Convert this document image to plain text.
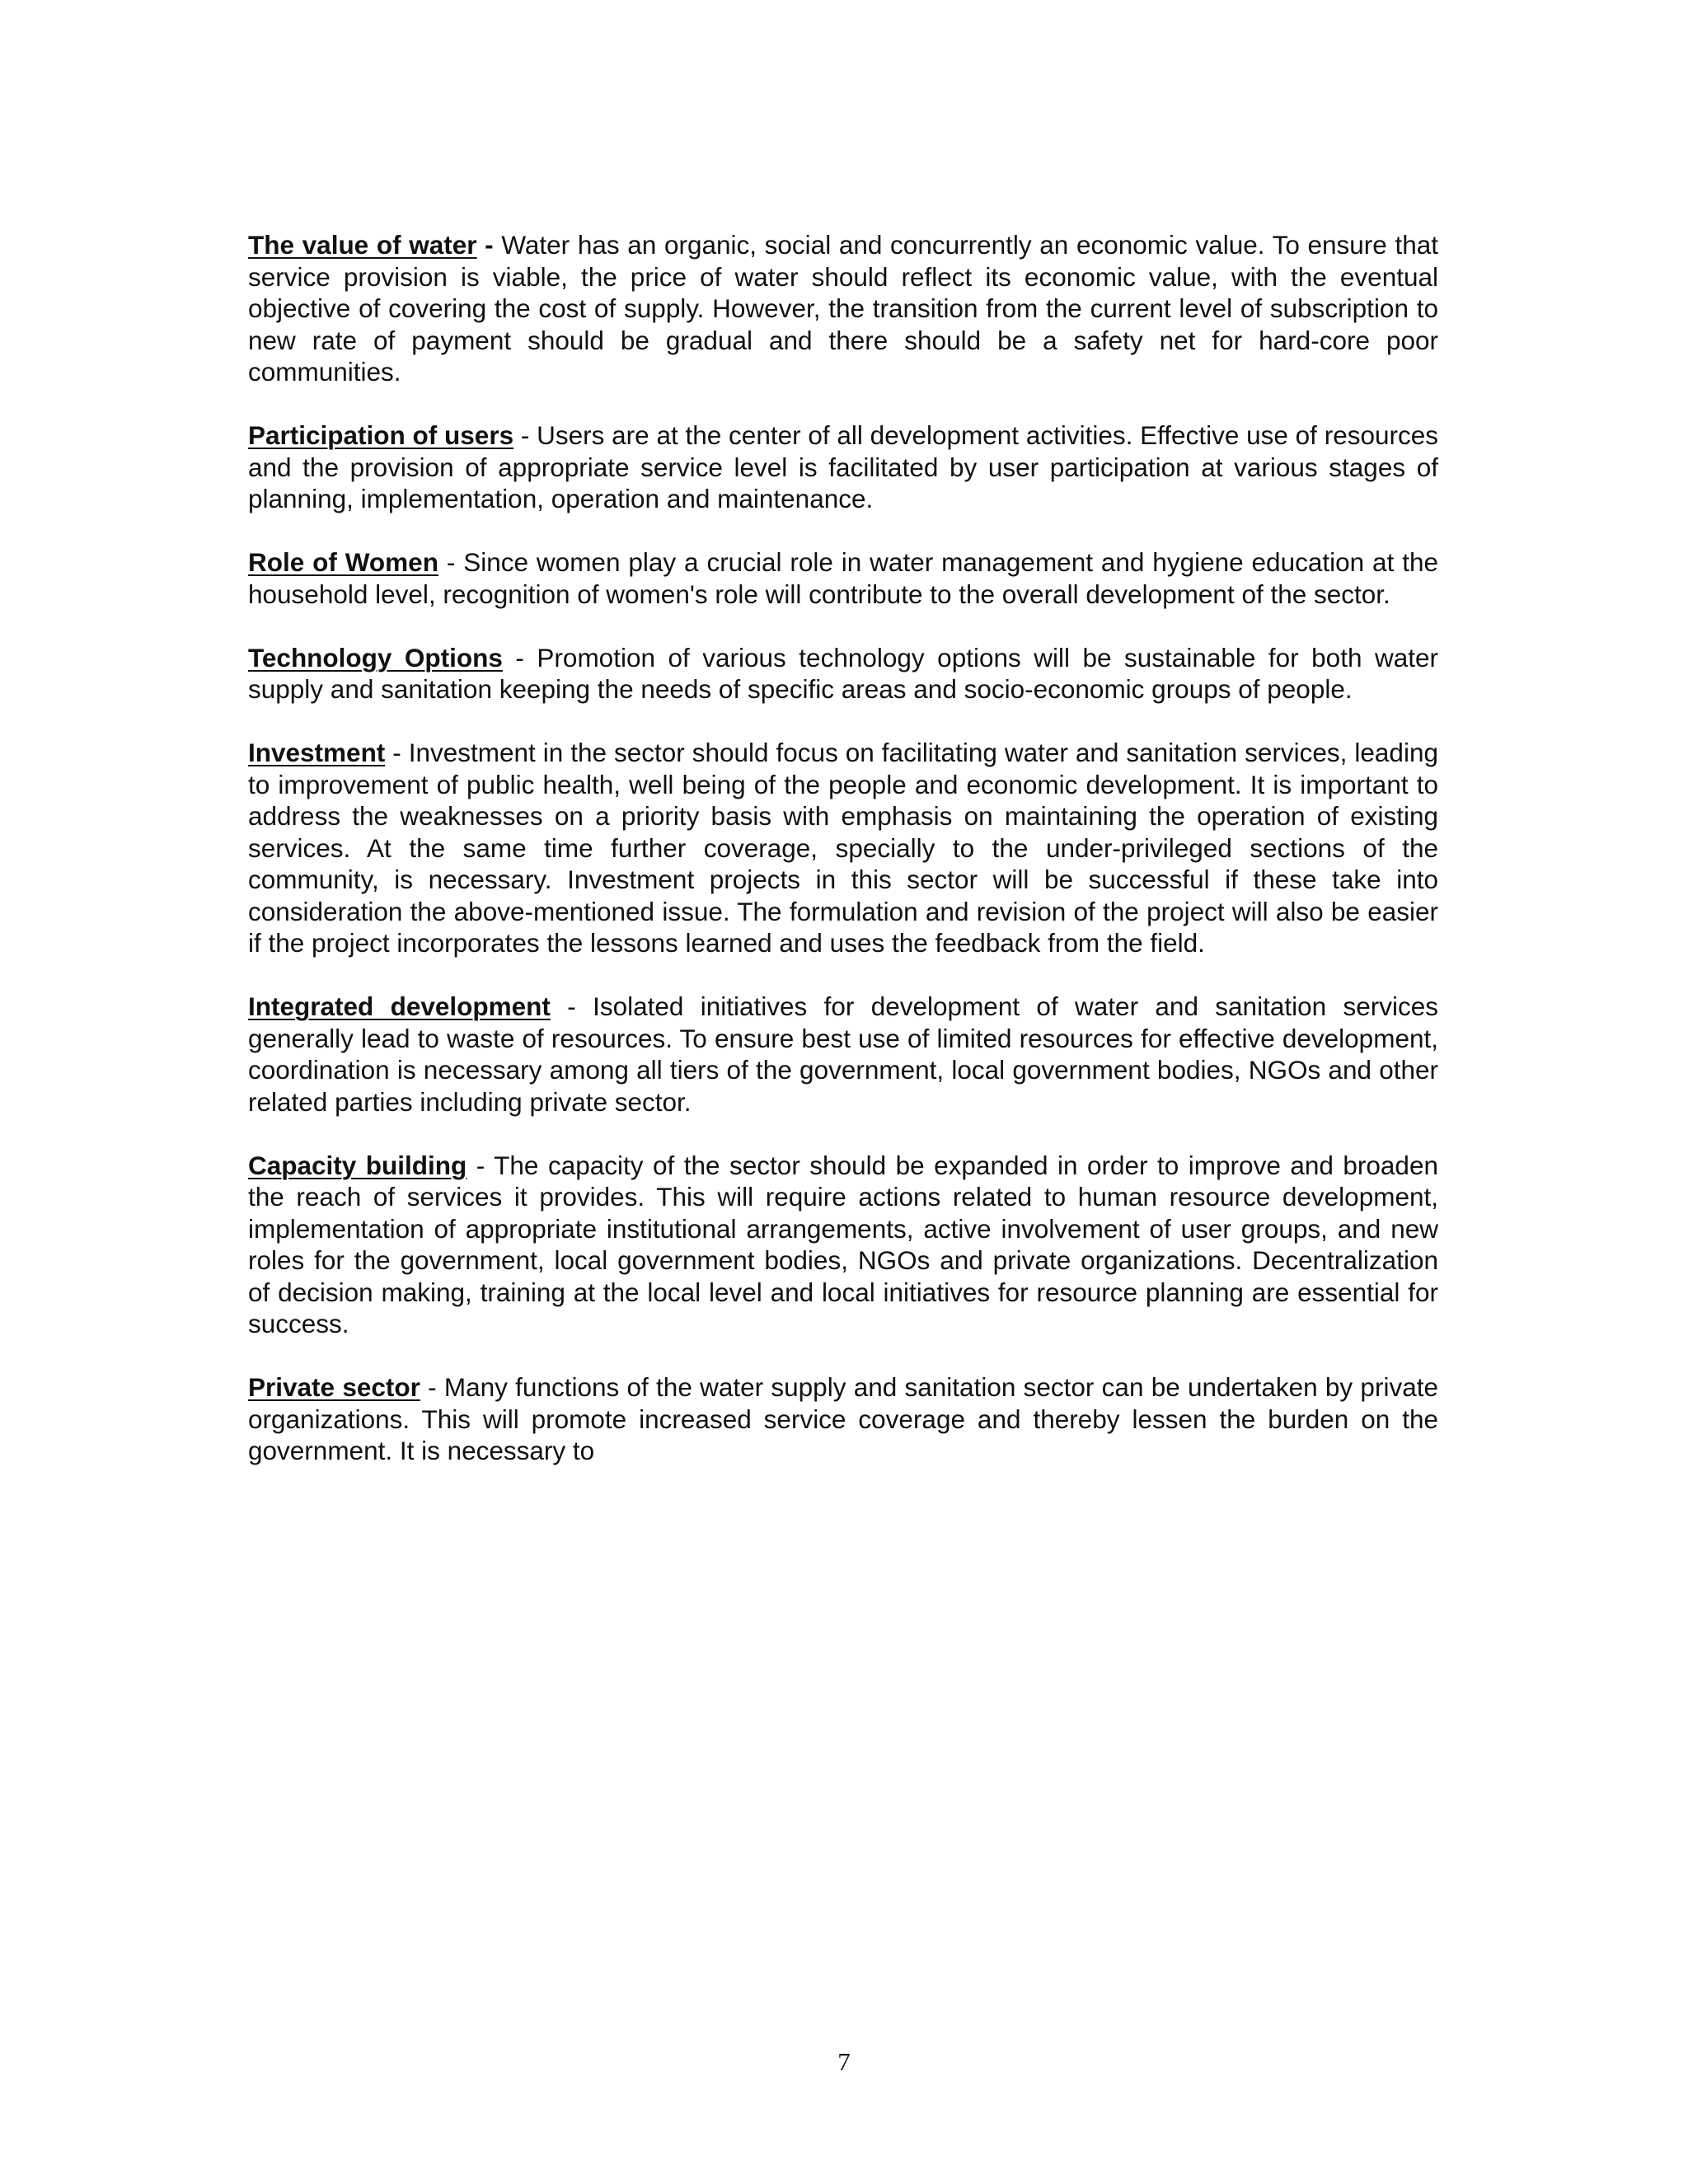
The value of water - Water has an organic, social and concurrently an economic value. To ensure that service provision is viable, the price of water should reflect its economic value, with the eventual objective of covering the cost of supply. However, the transition from the current level of subscription to new rate of payment should be gradual and there should be a safety net for hard-core poor communities.

Participation of users - Users are at the center of all development activities. Effective use of resources and the provision of appropriate service level is facilitated by user participation at various stages of planning, implementation, operation and maintenance.

Role of Women - Since women play a crucial role in water management and hygiene education at the household level, recognition of women's role will contribute to the overall development of the sector.

Technology Options - Promotion of various technology options will be sustainable for both water supply and sanitation keeping the needs of specific areas and socio-economic groups of people.

Investment - Investment in the sector should focus on facilitating water and sanitation services, leading to improvement of public health, well being of the people and economic development. It is important to address the weaknesses on a priority basis with emphasis on maintaining the operation of existing services. At the same time further coverage, specially to the under-privileged sections of the community, is necessary. Investment projects in this sector will be successful if these take into consideration the above-mentioned issue. The formulation and revision of the project will also be easier if the project incorporates the lessons learned and uses the feedback from the field.

Integrated development - Isolated initiatives for development of water and sanitation services generally lead to waste of resources. To ensure best use of limited resources for effective development, coordination is necessary among all tiers of the government, local government bodies, NGOs and other related parties including private sector.

Capacity building - The capacity of the sector should be expanded in order to improve and broaden the reach of services it provides. This will require actions related to human resource development, implementation of appropriate institutional arrangements, active involvement of user groups, and new roles for the government, local government bodies, NGOs and private organizations. Decentralization of decision making, training at the local level and local initiatives for resource planning are essential for success.

Private sector - Many functions of the water supply and sanitation sector can be undertaken by private organizations. This will promote increased service coverage and thereby lessen the burden on the government. It is necessary to

7
